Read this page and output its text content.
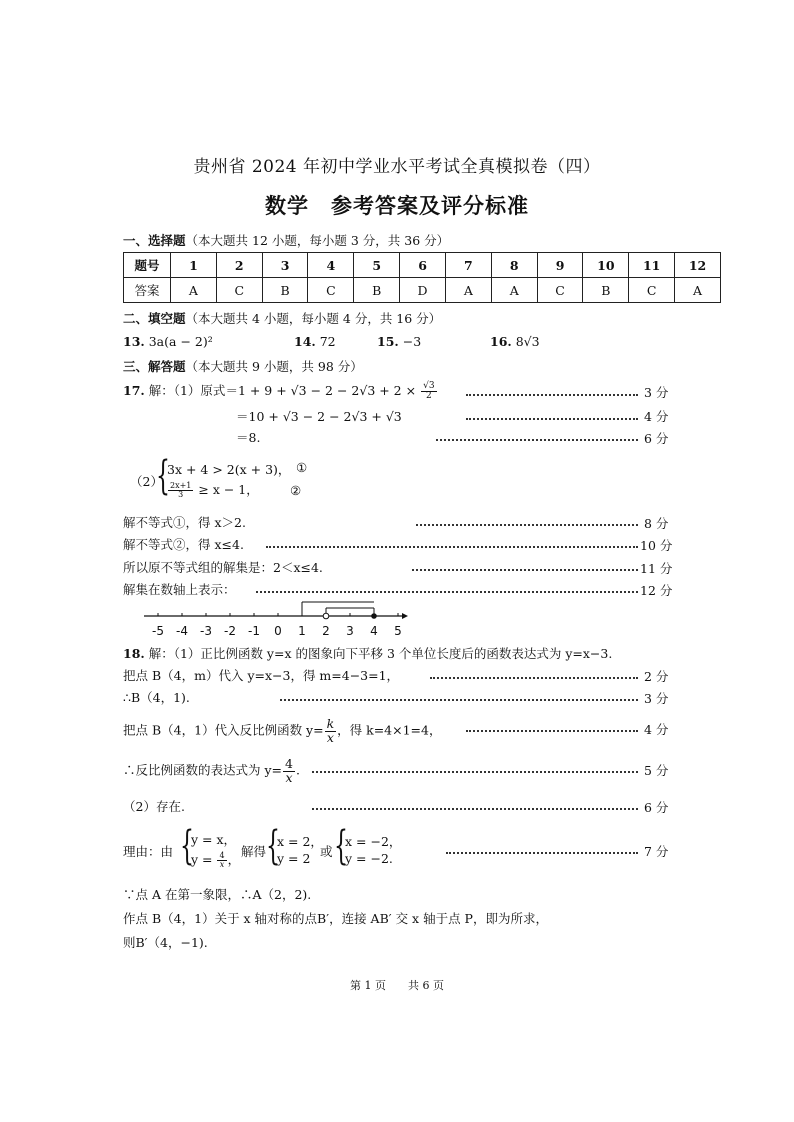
贵州省 2024 年初中学业水平考试全真模拟卷（四）
数学　参考答案及评分标准
一、选择题（本大题共 12 小题，每小题 3 分，共 36 分）
题号	1	2	3	4	5	6	7	8	9	10	11	12
答案	A	C	B	C	B	D	A	A	C	B	C	A
二、填空题（本大题共 4 小题，每小题 4 分，共 16 分）
13. 3a(a − 2)²	14. 72	15. −3	16. 8√3
三、解答题（本大题共 9 小题，共 98 分）
17. 解：（1）原式$=1 + 9 + √3 - 2 - 2√3 + 2 \times \frac{√3}{2}$	3 分
＝10 + √3 − 2 − 2√3 + √3	4 分
＝8.	6 分
（2）
{
3x + 4 > 2(x + 3)， ①
$\frac{2x+1}{3} \ge x - 1$， ②
解不等式①，得 x＞2.	8 分
解不等式②，得 x≤4.	10 分
所以原不等式组的解集是：2＜x≤4.	11 分
解集在数轴上表示：	12 分
-5 -4 -3 -2 -1	0	1	2	3	4	5
18. 解：（1）正比例函数 y=x 的图象向下平移 3 个单位长度后的函数表达式为 y=x−3.
把点 B（4，m）代入 y=x−3，得 m=4−3=1，	2 分
∴B（4，1).	3 分
把点 B（4，1）代入反比例函数 $y= \frac{k}{x}$ ，得 k=4×1=4，	4 分
∴反比例函数的表达式为 $y= \frac{4}{x}$ .	5 分
（2）存在.	6 分
理由：由 {
y = x，
$y = \frac{4}{x}$ ，
解得 {
x = 2，
y = 2 或 {
x = −2，
y = −2.	7 分
∵点 A 在第一象限，∴A（2，2).
作点 B（4，1）关于 x 轴对称的点B′，连接 AB′ 交 x 轴于点 P，即为所求，
则B′（4，−1).
第 1 页　　共 6 页
